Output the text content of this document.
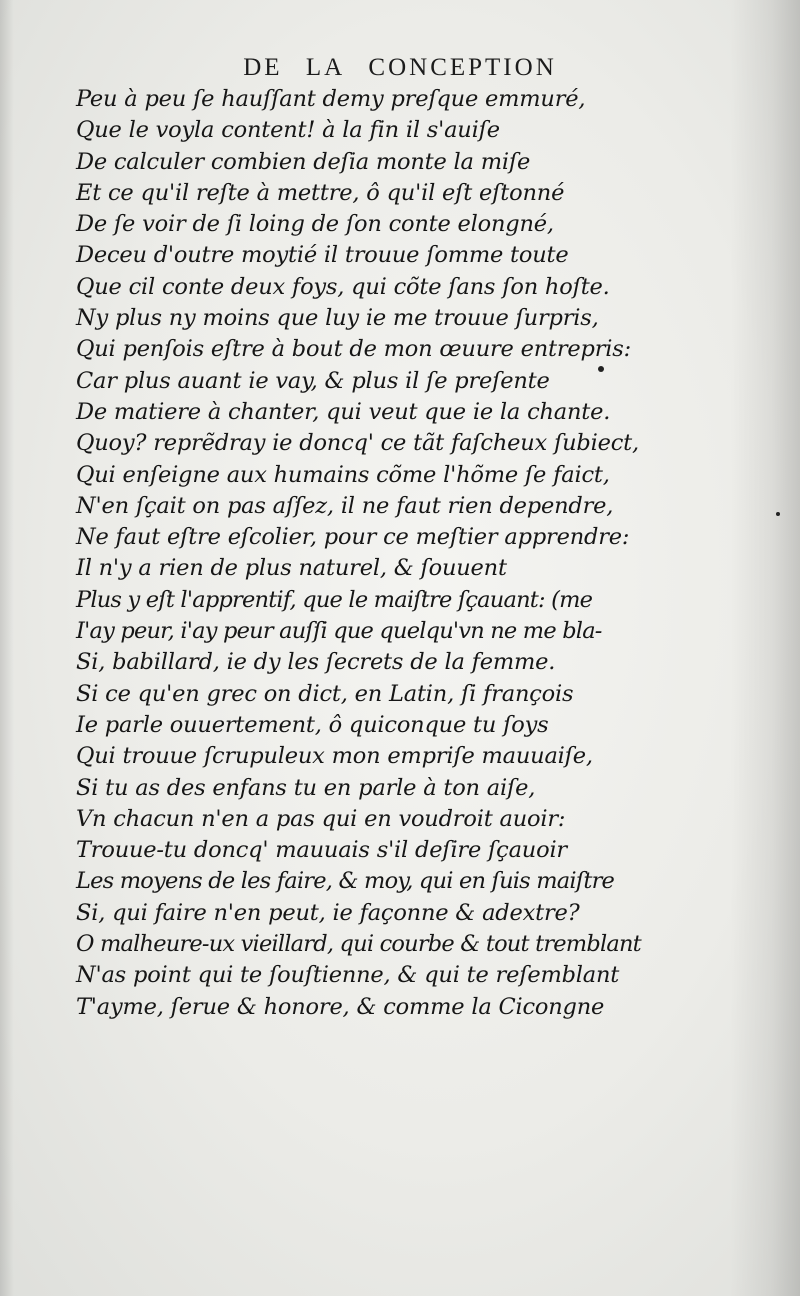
DE LA CONCEPTION
Peu à peu ſe hauſſant demy preſque emmuré,
Que le voyla content! à la fin il s'auiſe
De calculer combien deſia monte la miſe
Et ce qu'il reſte à mettre, ô qu'il eſt eſtonné
De ſe voir de ſi loing de ſon conte elongné,
Deceu d'outre moytié il trouue ſomme toute
Que cil conte deux foys, qui cõte ſans ſon hoſte.
Ny plus ny moins que luy ie me trouue ſurpris,
Qui penſois eſtre à bout de mon œuure entrepris:
Car plus auant ie vay, & plus il ſe preſente
De matiere à chanter, qui veut que ie la chante.
Quoy? reprẽdray ie doncq' ce tãt faſcheux ſubiect,
Qui enſeigne aux humains cõme l'hõme ſe faict,
N'en ſçait on pas aſſez, il ne faut rien dependre,
Ne faut eſtre eſcolier, pour ce meſtier apprendre:
Il n'y a rien de plus naturel, & ſouuent
Plus y eſt l'apprentif, que le maiſtre ſçauant: (me
I'ay peur, i'ay peur auſſi que quelqu'vn ne me bla-
Si, babillard, ie dy les ſecrets de la femme.
Si ce qu'en grec on dict, en Latin, ſi françois
Ie parle ouuertement, ô quiconque tu ſoys
Qui trouue ſcrupuleux mon empriſe mauuaiſe,
Si tu as des enfans tu en parle à ton aiſe,
Vn chacun n'en a pas qui en voudroit auoir:
Trouue-tu doncq' mauuais s'il deſire ſçauoir
Les moyens de les faire, & moy, qui en ſuis maiſtre
Si, qui faire n'en peut, ie façonne & adextre?
O malheure-ux vieillard, qui courbe & tout tremblant
N'as point qui te ſouſtienne, & qui te reſemblant
T'ayme, ſerue & honore, & comme la Cicongne
